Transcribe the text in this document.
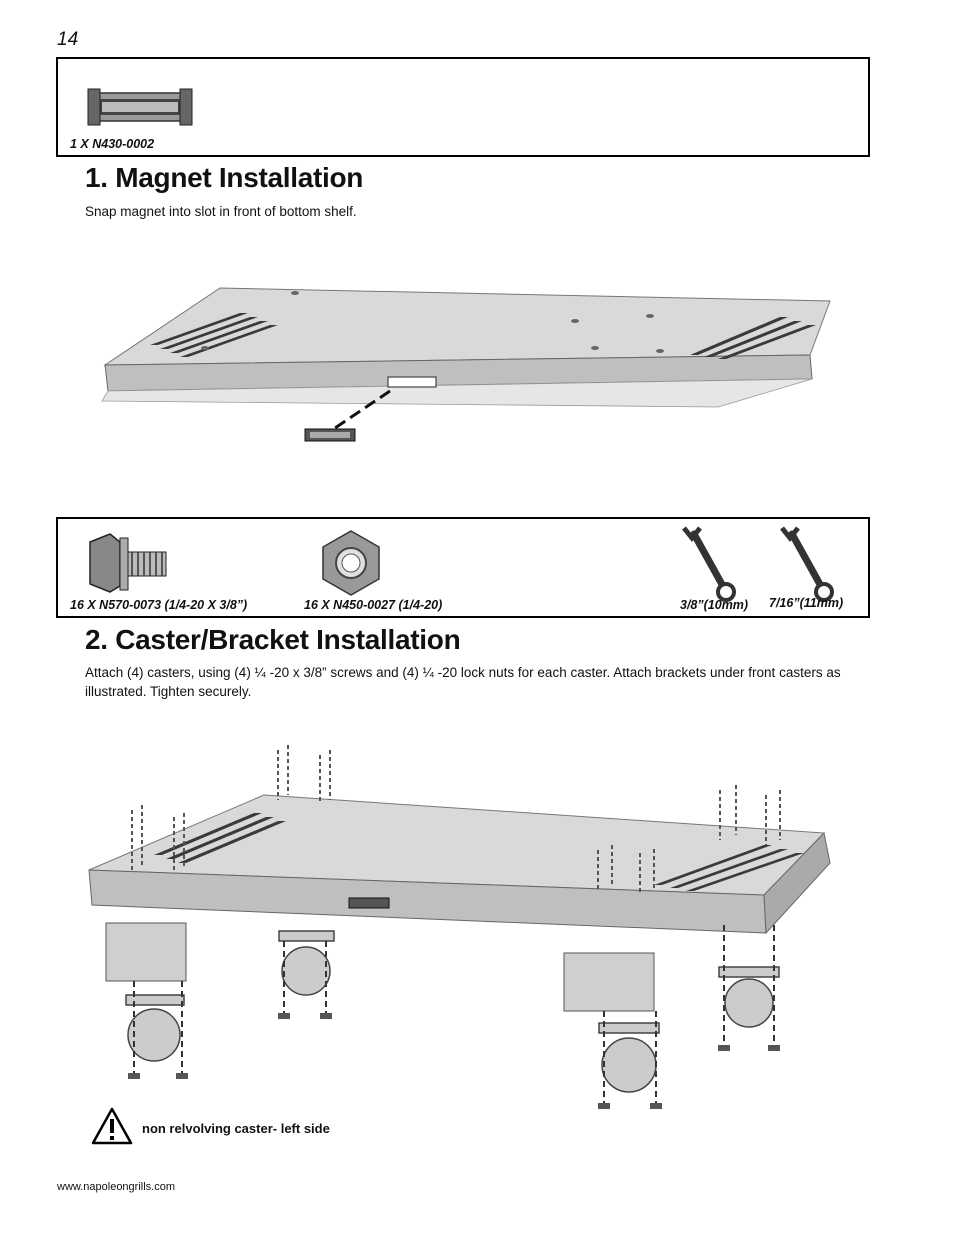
14
1 X N430-0002
1. Magnet Installation
Snap magnet into slot in front of bottom shelf.
16 X N570-0073 (1/4-20 X 3/8”)	16 X N450-0027 (1/4-20)	3/8”(10mm) 7/16”(11mm)
2. Caster/Bracket Installation
Attach (4) casters, using (4) ¼ -20 x 3/8” screws and (4) ¼ -20 lock nuts for each caster. Attach brackets under front casters as illustrated. Tighten securely.
non relvolving caster- left side
www.napoleongrills.com
